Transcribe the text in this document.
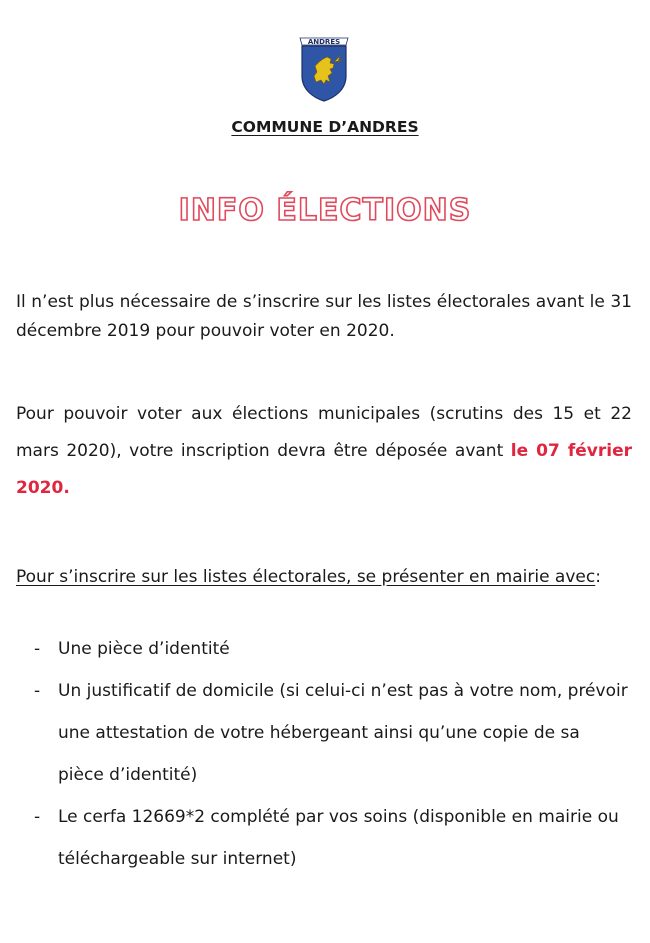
ANDRES
COMMUNE D’ANDRES
INFO ÉLECTIONS
Il n’est plus nécessaire de s’inscrire sur les listes électorales avant le 31 décembre 2019 pour pouvoir voter en 2020.
Pour pouvoir voter aux élections municipales (scrutins des 15 et 22 mars 2020), votre inscription devra être déposée avant le 07 février 2020.
Pour s’inscrire sur les listes électorales, se présenter en mairie avec:
- Une pièce d’identité
- Un justificatif de domicile (si celui-ci n’est pas à votre nom, prévoir une attestation de votre hébergeant ainsi qu’une copie de sa pièce d’identité)
- Le cerfa 12669*2 complété par vos soins (disponible en mairie ou téléchargeable sur internet)
